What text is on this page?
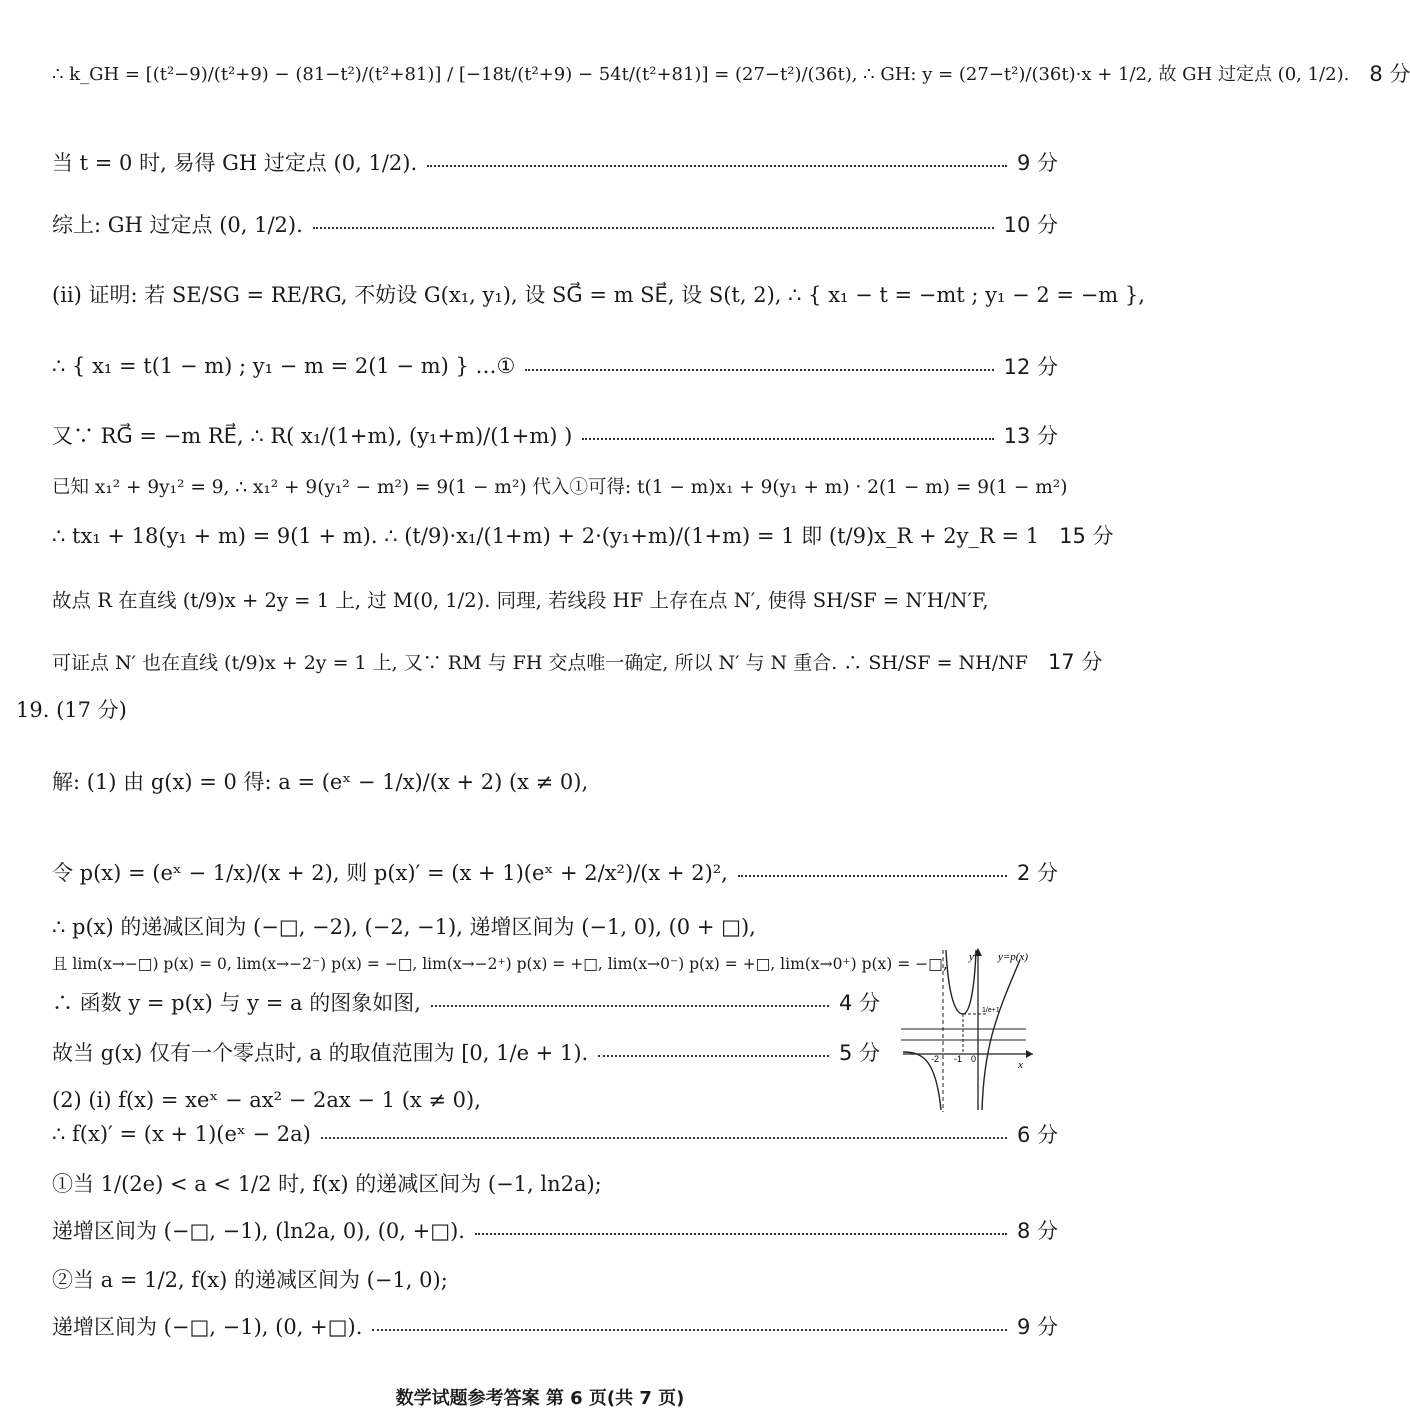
∴ k_GH = [(t²−9)/(t²+9) − (81−t²)/(t²+81)] / [−18t/(t²+9) − 54t/(t²+81)] = (27−t²)/(36t), ∴ GH: y = (27−t²)/(36t)·x + 1/2, 故 GH 过定点 (0, 1/2). 8 分
当 t = 0 时, 易得 GH 过定点 (0, 1/2).	9 分
综上: GH 过定点 (0, 1/2).	10 分
(ⅱ) 证明: 若 SE/SG = RE/RG, 不妨设 G(x₁, y₁), 设 SG⃗ = m SE⃗, 设 S(t, 2), ∴ { x₁ − t = −mt ; y₁ − 2 = −m },
∴ { x₁ = t(1 − m) ; y₁ − m = 2(1 − m) } …①	12 分
又∵ RG⃗ = −m RE⃗, ∴ R( x₁/(1+m), (y₁+m)/(1+m) )	13 分
已知 x₁² + 9y₁² = 9, ∴ x₁² + 9(y₁² − m²) = 9(1 − m²) 代入①可得: t(1 − m)x₁ + 9(y₁ + m) · 2(1 − m) = 9(1 − m²)
∴ tx₁ + 18(y₁ + m) = 9(1 + m). ∴ (t/9)·x₁/(1+m) + 2·(y₁+m)/(1+m) = 1 即 (t/9)x_R + 2y_R = 1 15 分
故点 R 在直线 (t/9)x + 2y = 1 上, 过 M(0, 1/2). 同理, 若线段 HF 上存在点 N′, 使得 SH/SF = N′H/N′F,
可证点 N′ 也在直线 (t/9)x + 2y = 1 上, 又∵ RM 与 FH 交点唯一确定, 所以 N′ 与 N 重合. ∴ SH/SF = NH/NF 17 分
19. (17 分)
解: (1) 由 g(x) = 0 得: a = (eˣ − 1/x)/(x + 2) (x ≠ 0),
令 p(x) = (eˣ − 1/x)/(x + 2), 则 p(x)′ = (x + 1)(eˣ + 2/x²)/(x + 2)²,	2 分
∴ p(x) 的递减区间为 (−□, −2), (−2, −1), 递增区间为 (−1, 0), (0 + □),
且 lim(x→−□) p(x) = 0, lim(x→−2⁻) p(x) = −□, lim(x→−2⁺) p(x) = +□, lim(x→0⁻) p(x) = +□, lim(x→0⁺) p(x) = −□,
∴ 函数 y = p(x) 与 y = a 的图象如图,	4 分
故当 g(x) 仅有一个零点时, a 的取值范围为 [0, 1/e + 1).	5 分
(2) (ⅰ) f(x) = xeˣ − ax² − 2ax − 1 (x ≠ 0),
∴ f(x)′ = (x + 1)(eˣ − 2a)	6 分
①当 1/(2e) < a < 1/2 时, f(x) 的递减区间为 (−1, ln2a);
递增区间为 (−□, −1), (ln2a, 0), (0, +□).	8 分
②当 a = 1/2, f(x) 的递减区间为 (−1, 0);
递增区间为 (−□, −1), (0, +□).	9 分
y y=p(x)
x
-2 -1 0
1/e+1
数学试题参考答案 第 6 页(共 7 页)
